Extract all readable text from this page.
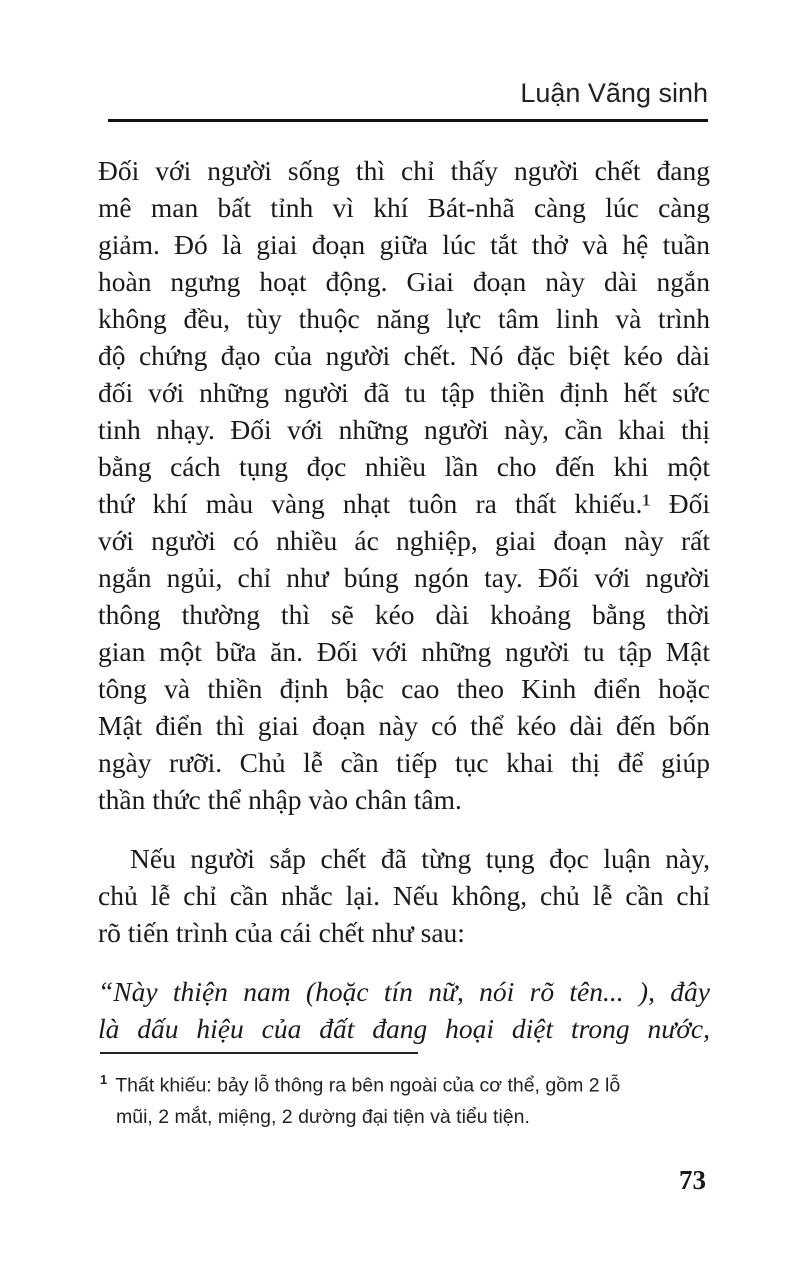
Luận Vãng sinh
Đối với người sống thì chỉ thấy người chết đang
mê man bất tỉnh vì khí Bát-nhã càng lúc càng
giảm. Đó là giai đoạn giữa lúc tắt thở và hệ tuần
hoàn ngưng hoạt động. Giai đoạn này dài ngắn
không đều, tùy thuộc năng lực tâm linh và trình
độ chứng đạo của người chết. Nó đặc biệt kéo dài
đối với những người đã tu tập thiền định hết sức
tinh nhạy. Đối với những người này, cần khai thị
bằng cách tụng đọc nhiều lần cho đến khi một
thứ khí màu vàng nhạt tuôn ra thất khiếu.¹ Đối
với người có nhiều ác nghiệp, giai đoạn này rất
ngắn ngủi, chỉ như búng ngón tay. Đối với người
thông thường thì sẽ kéo dài khoảng bằng thời
gian một bữa ăn. Đối với những người tu tập Mật
tông và thiền định bậc cao theo Kinh điển hoặc
Mật điển thì giai đoạn này có thể kéo dài đến bốn
ngày rưỡi. Chủ lễ cần tiếp tục khai thị để giúp
thần thức thể nhập vào chân tâm.
Nếu người sắp chết đã từng tụng đọc luận này,
chủ lễ chỉ cần nhắc lại. Nếu không, chủ lễ cần chỉ
rõ tiến trình của cái chết như sau:
“Này thiện nam (hoặc tín nữ, nói rõ tên... ), đây
là dấu hiệu của đất đang hoại diệt trong nước,
$^1$ Thất khiếu: bảy lỗ thông ra bên ngoài của cơ thể, gồm 2 lỗ
mũi, 2 mắt, miệng, 2 dường đại tiện và tiểu tiện.
73
